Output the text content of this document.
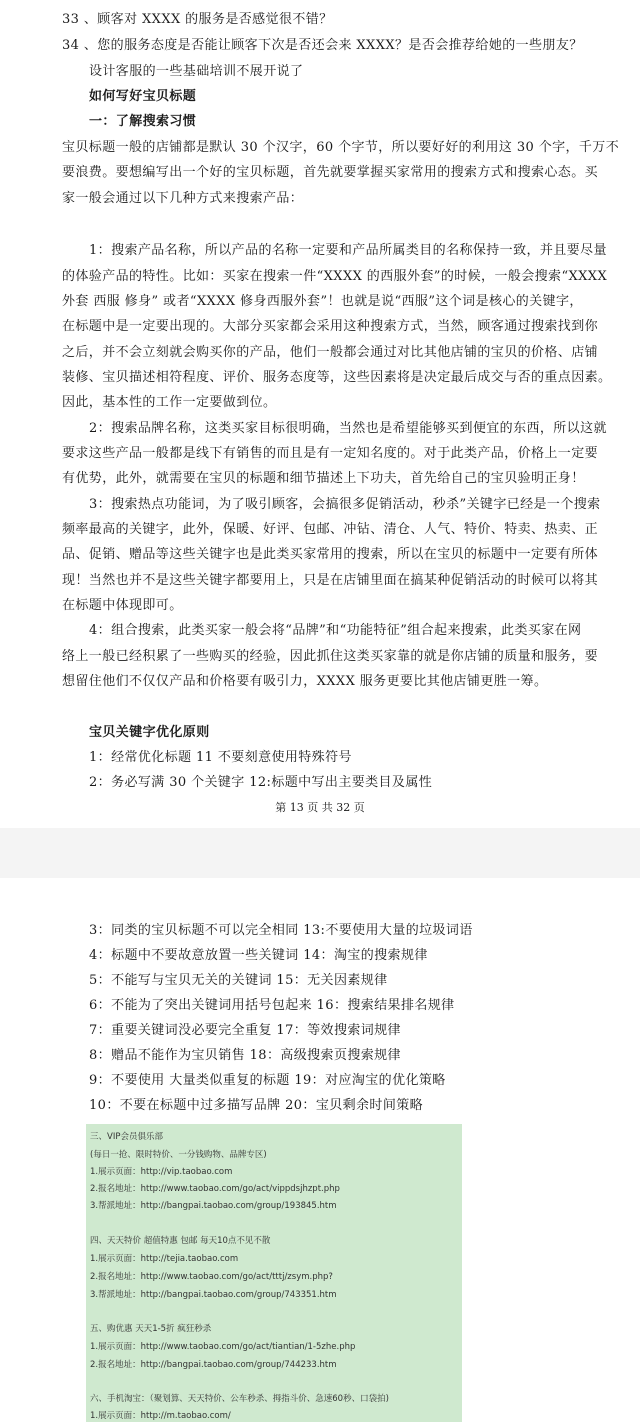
33 、顾客对 XXXX 的服务是否感觉很不错？
34 、您的服务态度是否能让顾客下次是否还会来 XXXX？是否会推荐给她的一些朋友？
设计客服的一些基础培训不展开说了
如何写好宝贝标题
一：了解搜索习惯
宝贝标题一般的店铺都是默认 30 个汉字，60 个字节，所以要好好的利用这 30 个字，千万不
要浪费。要想编写出一个好的宝贝标题，首先就要掌握买家常用的搜索方式和搜索心态。买
家一般会通过以下几种方式来搜索产品：
1：搜索产品名称，所以产品的名称一定要和产品所属类目的名称保持一致，并且要尽量
的体验产品的特性。比如：买家在搜索一件“XXXX 的西服外套”的时候，一般会搜索“XXXX
外套 西服 修身” 或者“XXXX 修身西服外套”！也就是说“西服”这个词是核心的关键字，
在标题中是一定要出现的。大部分买家都会采用这种搜索方式，当然，顾客通过搜索找到你
之后，并不会立刻就会购买你的产品，他们一般都会通过对比其他店铺的宝贝的价格、店铺
装修、宝贝描述相符程度、评价、服务态度等，这些因素将是决定最后成交与否的重点因素。
因此，基本性的工作一定要做到位。
2：搜索品牌名称，这类买家目标很明确，当然也是希望能够买到便宜的东西，所以这就
要求这些产品一般都是线下有销售的而且是有一定知名度的。对于此类产品，价格上一定要
有优势，此外，就需要在宝贝的标题和细节描述上下功夫，首先给自己的宝贝验明正身！
3：搜索热点功能词，为了吸引顾客，会搞很多促销活动，秒杀”关键字已经是一个搜索
频率最高的关键字，此外，保暖、好评、包邮、冲钻、清仓、人气、特价、特卖、热卖、正
品、促销、赠品等这些关键字也是此类买家常用的搜索，所以在宝贝的标题中一定要有所体
现！当然也并不是这些关键字都要用上，只是在店铺里面在搞某种促销活动的时候可以将其
在标题中体现即可。
4：组合搜索，此类买家一般会将“品牌”和“功能特征”组合起来搜索，此类买家在网
络上一般已经积累了一些购买的经验，因此抓住这类买家靠的就是你店铺的质量和服务，要
想留住他们不仅仅产品和价格要有吸引力，XXXX 服务更要比其他店铺更胜一筹。
宝贝关键字优化原则
1：经常优化标题 11 不要刻意使用特殊符号
2：务必写满 30 个关键字 12:标题中写出主要类目及属性
第 13 页 共 32 页
3：同类的宝贝标题不可以完全相同 13:不要使用大量的垃圾词语
4：标题中不要故意放置一些关键词 14：淘宝的搜索规律
5：不能写与宝贝无关的关键词 15：无关因素规律
6：不能为了突出关键词用括号包起来 16：搜索结果排名规律
7：重要关键词没必要完全重复 17：等效搜索词规律
8：赠品不能作为宝贝销售 18：高级搜索页搜索规律
9：不要使用 大量类似重复的标题 19：对应淘宝的优化策略
10：不要在标题中过多描写品牌 20：宝贝剩余时间策略
三、VIP会员俱乐部
(每日一抢、限时特价、一分钱购物、品牌专区)
1.展示页面：http://vip.taobao.com
2.报名地址：http://www.taobao.com/go/act/vippdsjhzpt.php
3.帮派地址：http://bangpai.taobao.com/group/193845.htm
四、天天特价 超值特惠 包邮 每天10点不见不散
1.展示页面：http://tejia.taobao.com
2.报名地址：http://www.taobao.com/go/act/tttj/zsym.php?
3.帮派地址：http://bangpai.taobao.com/group/743351.htm
五、购优惠 天天1-5折 疯狂秒杀
1.展示页面：http://www.taobao.com/go/act/tiantian/1-5zhe.php
2.报名地址：http://bangpai.taobao.com/group/744233.htm
六、手机淘宝：（聚划算、天天特价、公车秒杀、拇指斗价、急速60秒、口袋拍)
1.展示页面：http://m.taobao.com/
